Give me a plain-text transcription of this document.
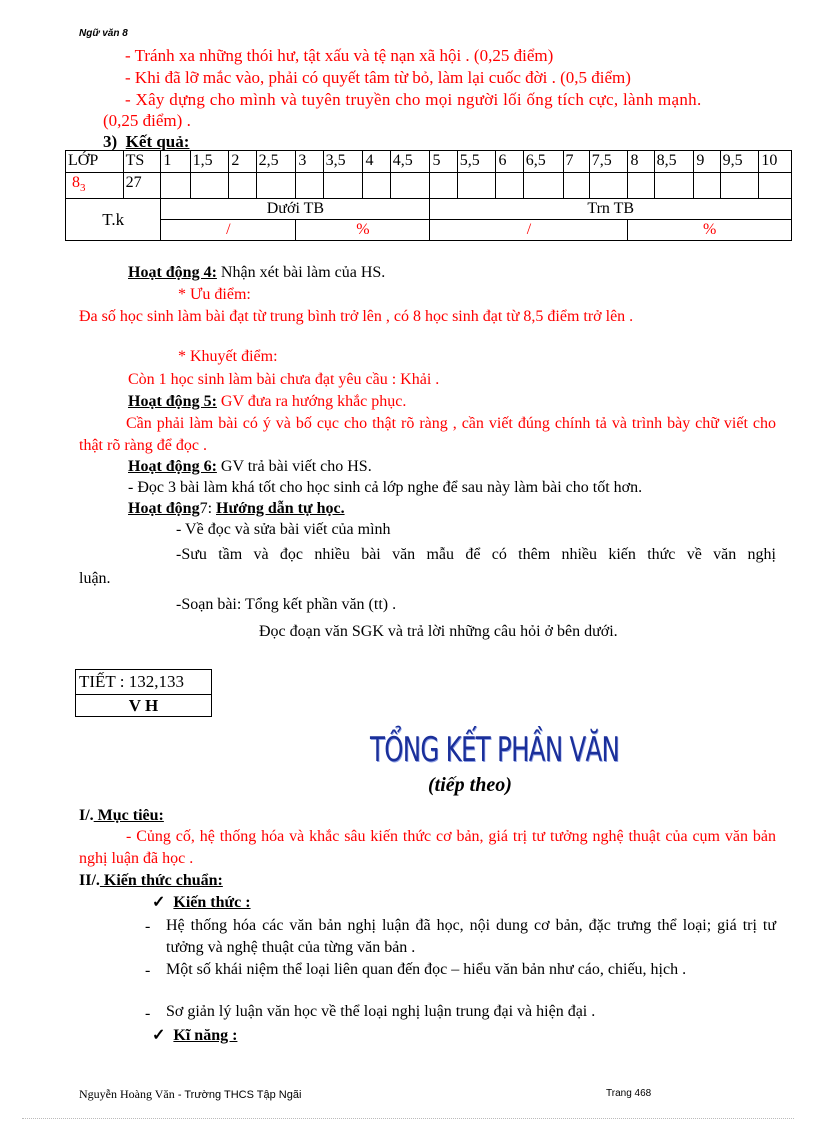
Ngữ văn 8
- Tránh xa những thói hư, tật xấu và tệ nạn xã hội . (0,25 điểm)
- Khi đã lỡ mắc vào, phải có quyết tâm từ bỏ, làm lại cuốc đời . (0,5 điểm)
- Xây dựng cho mình và tuyên truyền cho mọi người lối ống tích cực, lành mạnh.
(0,25 điểm) .
3) Kết quả:
LỚP	TS	1	1,5	2	2,5	3	3,5	4	4,5	5	5,5	6	6,5	7	7,5	8	8,5	9	9,5	10
$8_3$	27																			
T.k		Dưới TB								Trn TB										
		/				%				/						%				
Hoạt động 4: Nhận xét bài làm của HS.
* Ưu điểm:
Đa số học sinh làm bài đạt từ trung bình trở lên , có 8 học sinh đạt từ 8,5 điểm trở lên .
* Khuyết điểm:
Còn 1 học sinh làm bài chưa đạt yêu cầu : Khải .
Hoạt động 5: GV đưa ra hướng khắc phục.
Cần phải làm bài có ý và bố cục cho thật rõ ràng , cần viết đúng chính tả và trình bày chữ viết cho thật rõ ràng để đọc .
Hoạt động 6: GV trả bài viết cho HS.
- Đọc 3 bài làm khá tốt cho học sinh cả lớp nghe để sau này làm bài cho tốt hơn.
Hoạt động7: Hướng dẫn tự học.
- Về đọc và sửa bài viết của mình
-Sưu tầm và đọc nhiều bài văn mẫu để có thêm nhiều kiến thức về văn nghị
luận.
-Soạn bài: Tổng kết phần văn (tt) .
Đọc đoạn văn SGK và trả lời những câu hỏi ở bên dưới.
TIẾT : 132,133
V H
TỔNG KẾT PHẦN VĂN
(tiếp theo)
I/. Mục tiêu:
- Củng cố, hệ thống hóa và khắc sâu kiến thức cơ bản, giá trị tư tưởng nghệ thuật của cụm văn bản nghị luận đã học .
II/. Kiến thức chuẩn:
✓ Kiến thức :
- Hệ thống hóa các văn bản nghị luận đã học, nội dung cơ bản, đặc trưng thể loại; giá trị tư tưởng và nghệ thuật của từng văn bản .
- Một số khái niệm thể loại liên quan đến đọc – hiểu văn bản như cáo, chiếu, hịch .
- Sơ giản lý luận văn học về thể loại nghị luận trung đại và hiện đại .
✓ Kĩ năng :
Nguyễn Hoàng Văn - Trường THCS Tập Ngãi	Trang 468
